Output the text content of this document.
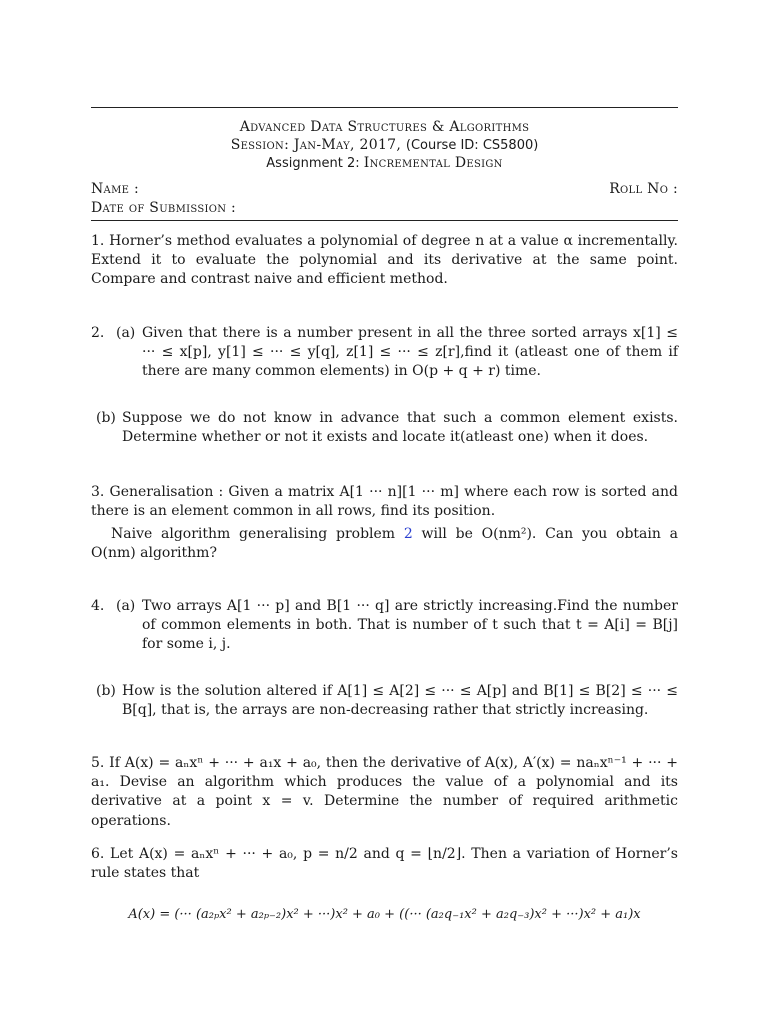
Advanced Data Structures & Algorithms
Session: Jan-May, 2017, (Course ID: CS5800)
Assignment 2: Incremental Design
Name :	Roll No :
Date of Submission :
1. Horner’s method evaluates a polynomial of degree n at a value α incrementally. Extend it to evaluate the polynomial and its derivative at the same point. Compare and contrast naive and efficient method.
2. (a) Given that there is a number present in all the three sorted arrays x[1] ≤ ··· ≤ x[p], y[1] ≤ ··· ≤ y[q], z[1] ≤ ··· ≤ z[r],find it (atleast one of them if there are many common elements) in O(p + q + r) time.
(b) Suppose we do not know in advance that such a common element exists. Determine whether or not it exists and locate it(atleast one) when it does.
3. Generalisation : Given a matrix A[1 ··· n][1 ··· m] where each row is sorted and there is an element common in all rows, find its position.
Naive algorithm generalising problem 2 will be O(nm²). Can you obtain a O(nm) algorithm?
4. (a) Two arrays A[1 ··· p] and B[1 ··· q] are strictly increasing.Find the number of common elements in both. That is number of t such that t = A[i] = B[j] for some i, j.
(b) How is the solution altered if A[1] ≤ A[2] ≤ ··· ≤ A[p] and B[1] ≤ B[2] ≤ ··· ≤ B[q], that is, the arrays are non-decreasing rather that strictly increasing.
5. If A(x) = aₙxⁿ + ··· + a₁x + a₀, then the derivative of A(x), A′(x) = naₙxⁿ⁻¹ + ··· + a₁. Devise an algorithm which produces the value of a polynomial and its derivative at a point x = v. Determine the number of required arithmetic operations.
6. Let A(x) = aₙxⁿ + ··· + a₀, p = n/2 and q = ⌊n/2⌋. Then a variation of Horner’s rule states that
A(x) = (··· (a₂ₚx² + a₂ₚ₋₂)x² + ···)x² + a₀ + ((··· (a₂q₋₁x² + a₂q₋₃)x² + ···)x² + a₁)x
